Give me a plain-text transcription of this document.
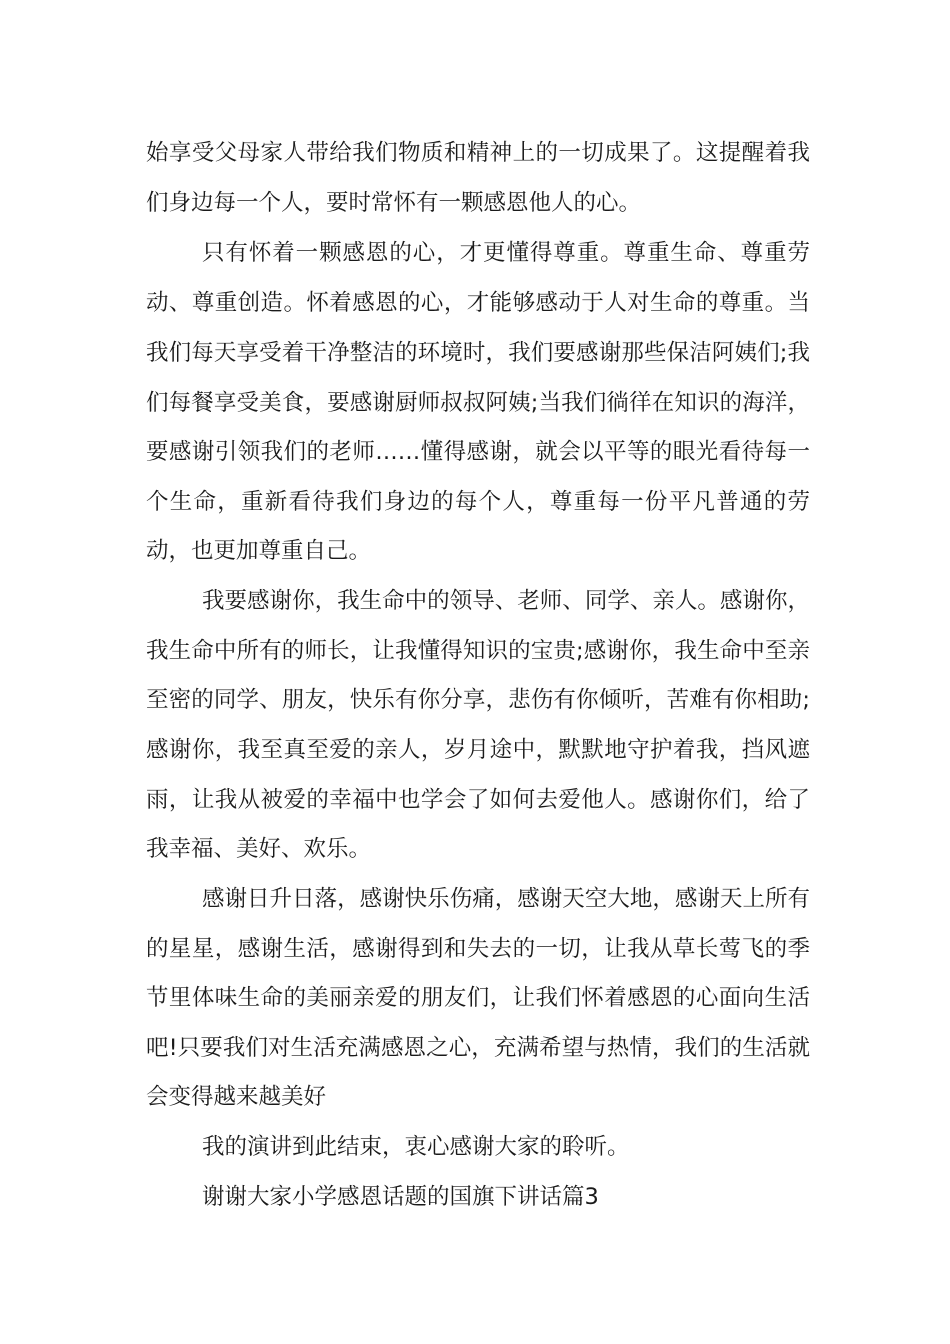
始享受父母家人带给我们物质和精神上的一切成果了。这提醒着我
们身边每一个人，要时常怀有一颗感恩他人的心。
只有怀着一颗感恩的心，才更懂得尊重。尊重生命、尊重劳
动、尊重创造。怀着感恩的心，才能够感动于人对生命的尊重。当
我们每天享受着干净整洁的环境时，我们要感谢那些保洁阿姨们;我
们每餐享受美食，要感谢厨师叔叔阿姨;当我们徜徉在知识的海洋，
要感谢引领我们的老师……懂得感谢，就会以平等的眼光看待每一
个生命，重新看待我们身边的每个人，尊重每一份平凡普通的劳
动，也更加尊重自己。
我要感谢你，我生命中的领导、老师、同学、亲人。感谢你，
我生命中所有的师长，让我懂得知识的宝贵;感谢你，我生命中至亲
至密的同学、朋友，快乐有你分享，悲伤有你倾听，苦难有你相助;
感谢你，我至真至爱的亲人，岁月途中，默默地守护着我，挡风遮
雨，让我从被爱的幸福中也学会了如何去爱他人。感谢你们，给了
我幸福、美好、欢乐。
感谢日升日落，感谢快乐伤痛，感谢天空大地，感谢天上所有
的星星，感谢生活，感谢得到和失去的一切，让我从草长莺飞的季
节里体味生命的美丽亲爱的朋友们，让我们怀着感恩的心面向生活
吧!只要我们对生活充满感恩之心，充满希望与热情，我们的生活就
会变得越来越美好
我的演讲到此结束，衷心感谢大家的聆听。
谢谢大家小学感恩话题的国旗下讲话篇3
